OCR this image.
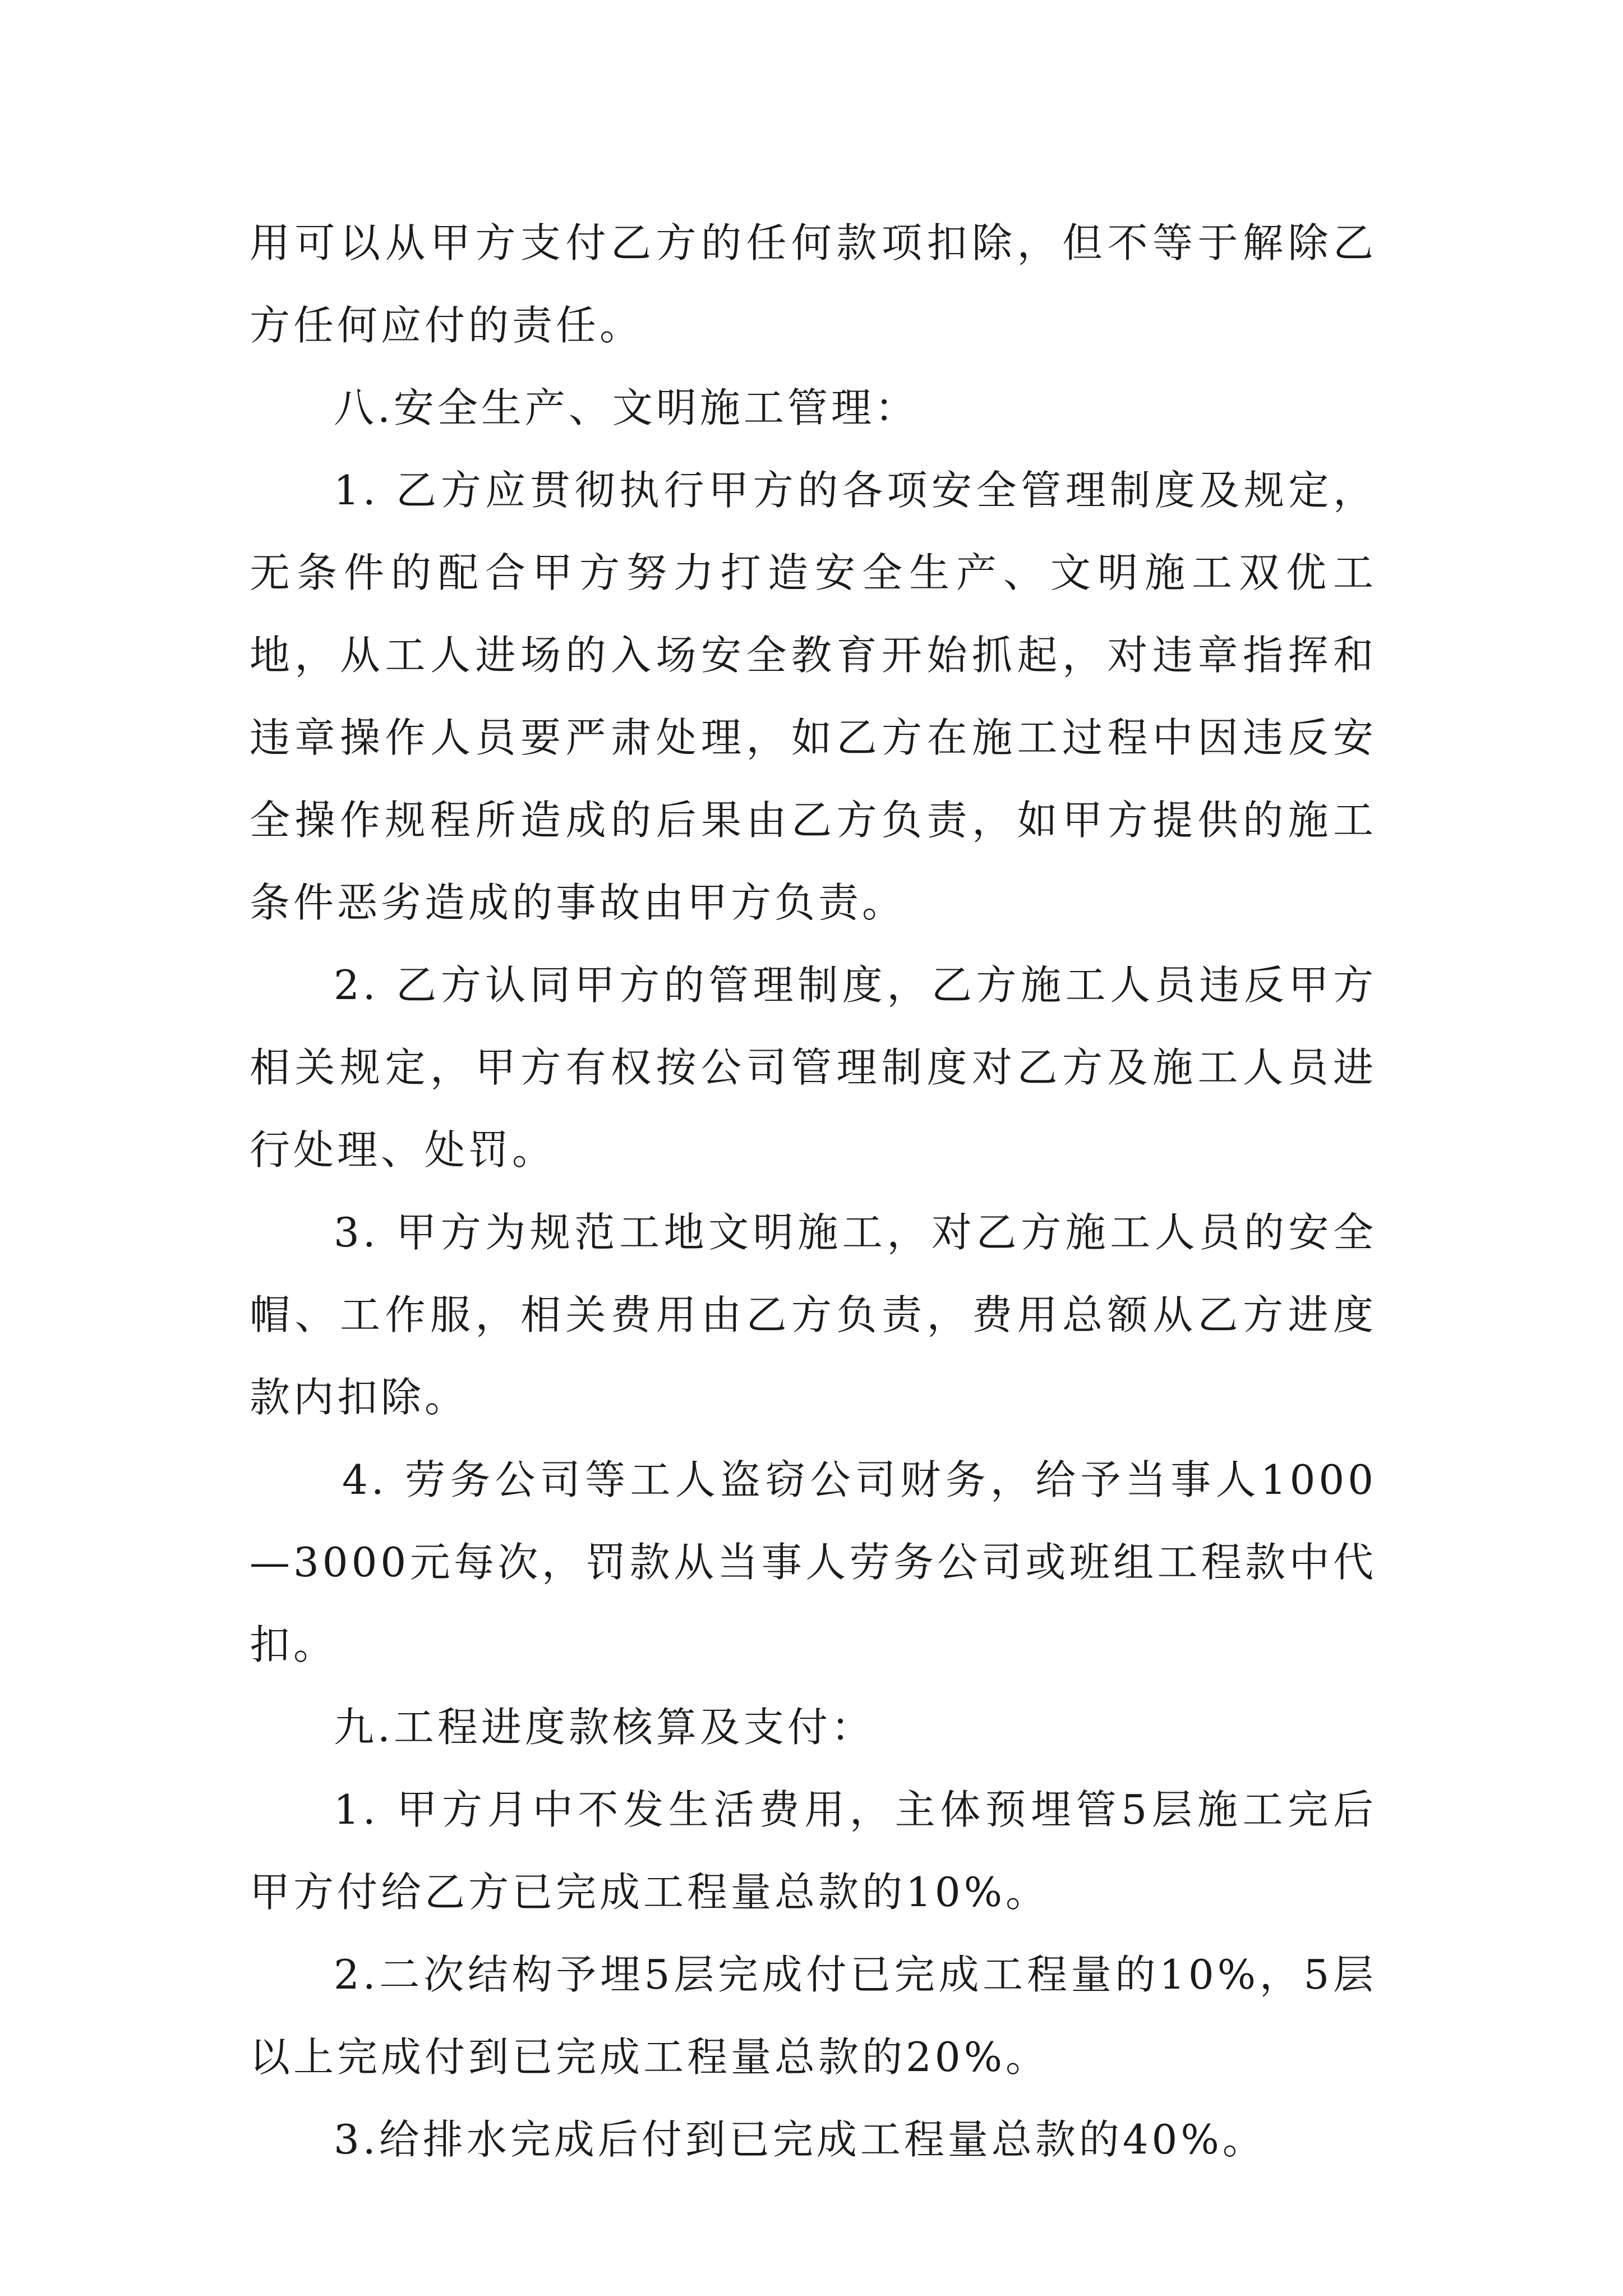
用可以从甲方支付乙方的任何款项扣除，但不等于解除乙方任何应付的责任。

八.安全生产、文明施工管理：

1. 乙方应贯彻执行甲方的各项安全管理制度及规定，无条件的配合甲方努力打造安全生产、文明施工双优工地，从工人进场的入场安全教育开始抓起，对违章指挥和违章操作人员要严肃处理，如乙方在施工过程中因违反安全操作规程所造成的后果由乙方负责，如甲方提供的施工条件恶劣造成的事故由甲方负责。

2. 乙方认同甲方的管理制度，乙方施工人员违反甲方相关规定，甲方有权按公司管理制度对乙方及施工人员进行处理、处罚。

3. 甲方为规范工地文明施工，对乙方施工人员的安全帽、工作服，相关费用由乙方负责，费用总额从乙方进度款内扣除。

4. 劳务公司等工人盗窃公司财务，给予当事人1000—3000元每次，罚款从当事人劳务公司或班组工程款中代扣。

九.工程进度款核算及支付：

1. 甲方月中不发生活费用，主体预埋管5层施工完后甲方付给乙方已完成工程量总款的10%。

2.二次结构予埋5层完成付已完成工程量的10%，5层以上完成付到已完成工程量总款的20%。

3.给排水完成后付到已完成工程量总款的40%。
